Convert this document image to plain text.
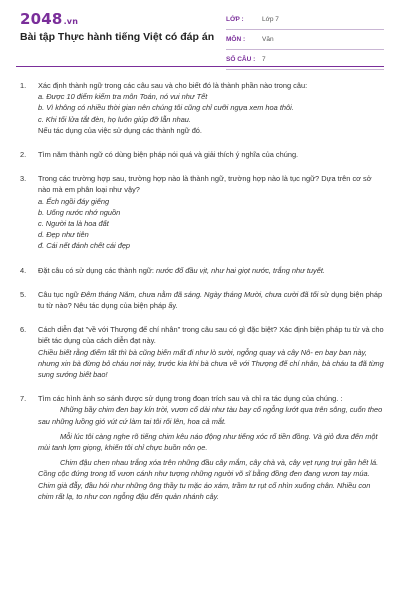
2048.vn
Bài tập Thực hành tiếng Việt có đáp án
LỚP :	Lớp 7
MÔN :	Văn
SỐ CÂU :	7
1. Xác định thành ngữ trong các câu sau và cho biết đó là thành phần nào trong câu:
a. Được 10 điểm kiểm tra môn Toán, nó vui như Tết
b. Vì không có nhiều thời gian nên chúng tôi cũng chỉ cưỡi ngựa xem hoa thôi.
c. Khi tối lửa tắt đèn, họ luôn giúp đỡ lẫn nhau.
Nếu tác dụng của việc sử dụng các thành ngữ đó.
2. Tìm năm thành ngữ có dùng biện pháp nói quá và giải thích ý nghĩa của chúng.
3. Trong các trường hợp sau, trường hợp nào là thành ngữ, trường hợp nào là tục ngữ? Dựa trên cơ sở nào mà em phân loại như vậy?
a. Ếch ngồi đáy giếng
b. Uống nước nhớ nguồn
c. Người ta là hoa đất
d. Đẹp như tiên
đ. Cái nết đánh chết cái đẹp
4. Đặt câu có sử dụng các thành ngữ: nước đổ đầu vịt, như hai giọt nước, trắng như tuyết.
5. Câu tục ngữ Đêm tháng Năm, chưa nằm đã sáng. Ngày tháng Mười, chưa cười đã tối sử dụng biện pháp tu từ nào? Nêu tác dụng của biện pháp ấy.
6. Cách diễn đạt "về với Thượng đế chí nhân" trong câu sau có gì đặc biệt? Xác định biện pháp tu từ và cho biết tác dụng của cách diễn đạt này.
Chiều biết rằng điểm tất thì bà cũng biến mất đi như lò sười, ngỗng quay và cây Nô- en bay ban này, nhưng xin bà đừng bỏ cháu nơi này, trước kia khi bà chưa về với Thượng đế chí nhân, bà cháu ta đã từng sung sướng biết bao!
7. Tìm các hình ảnh so sánh được sử dụng trong đoạn trích sau và chỉ ra tác dụng của chúng. :
Những bầy chim đen bay kín trời, vươn cổ dài như tàu bay cổ ngỗng lướt qua trên sông, cuốn theo sau những luồng gió vút cứ làm tai tôi rối lên, hoa cả mắt.
Mỗi lúc tôi càng nghe rõ tiếng chim kêu náo động như tiếng xóc rổ tiền đồng. Và giỏ đưa đến một mùi tanh lợm giọng, khiến tôi chỉ chực buồn nôn ọe.
Chim đậu chen nhau trắng xóa trên những đầu cây mắm, cây chà và, cây vẹt rụng trụi gần hết lá. Cồng cộc đứng trong tổ vươn cánh như tượng những người võ sĩ bằng đồng đen đang vươn tay múa. Chim già đẫy, đầu hói như những ông thầy tu mặc áo xám, trầm tư rụt cổ nhìn xuống chân. Nhiều con chim rất lạ, to như con ngỗng đậu đến quản nhánh cây.
